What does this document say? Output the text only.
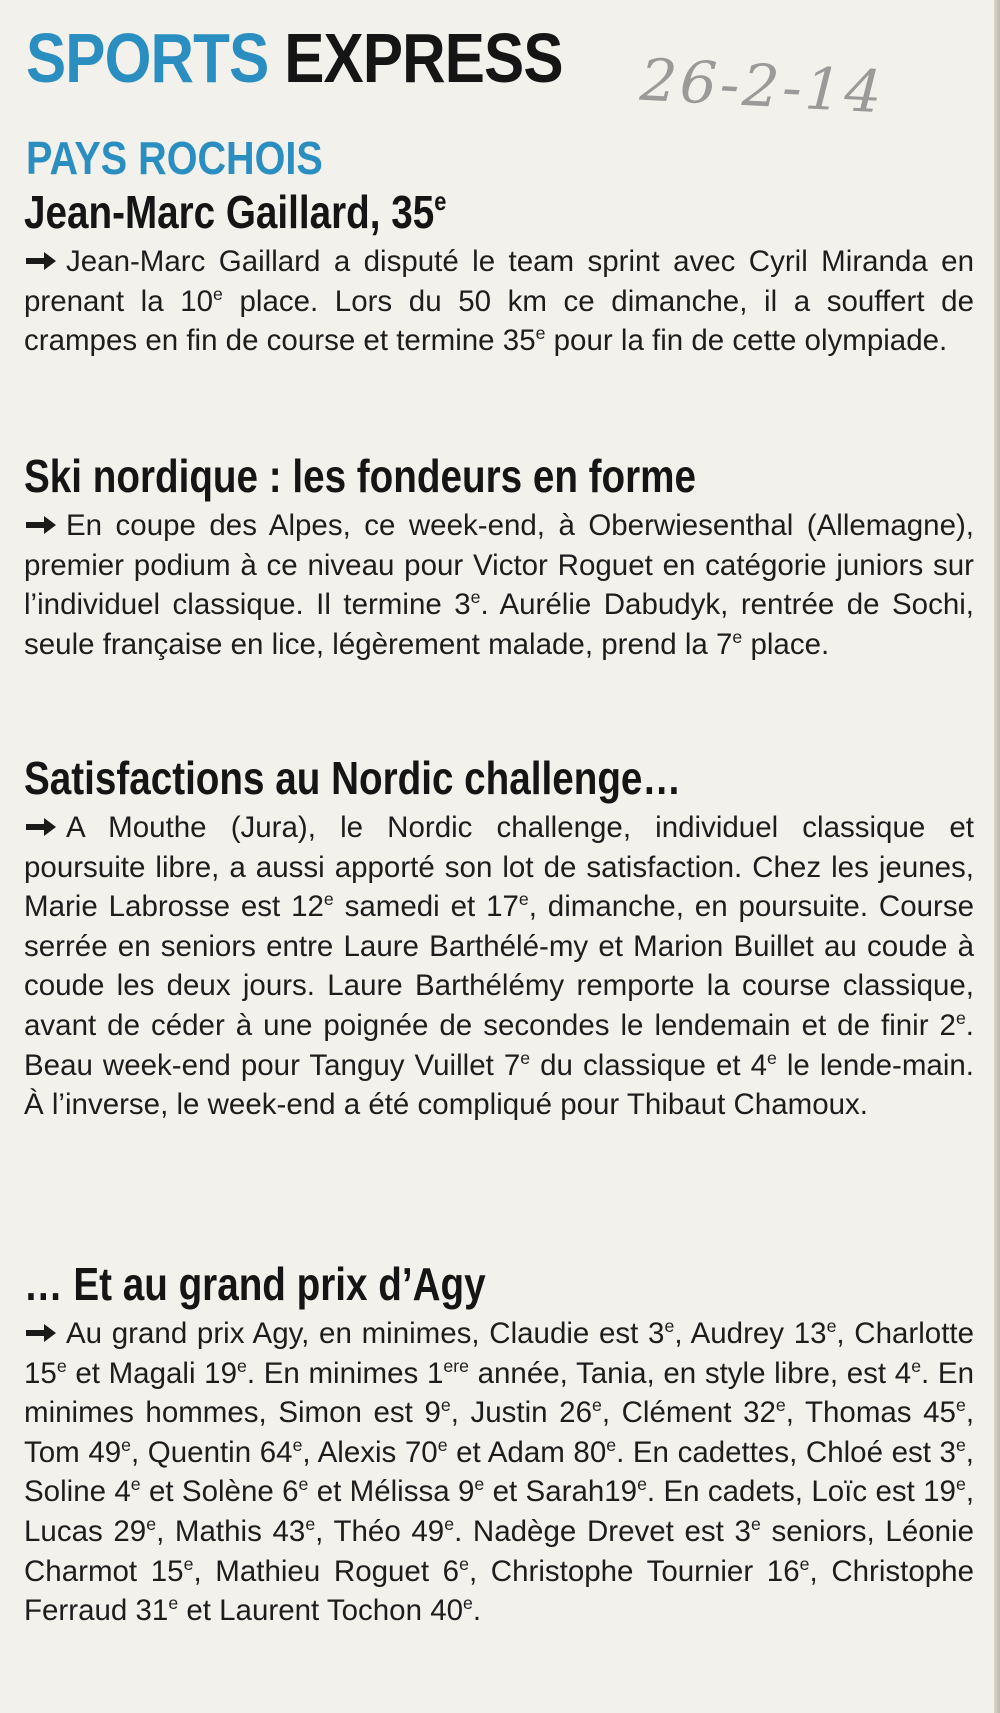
SPORTS EXPRESS 26-2-14
PAYS ROCHOIS
Jean-Marc Gaillard, 35e

Jean-Marc Gaillard a disputé le team sprint avec Cyril Miranda en prenant la 10e place. Lors du 50 km ce dimanche, il a souffert de crampes en fin de course et termine 35e pour la fin de cette olympiade.

Ski nordique : les fondeurs en forme

En coupe des Alpes, ce week-end, à Oberwiesenthal (Allemagne), premier podium à ce niveau pour Victor Roguet en catégorie juniors sur l’individuel classique. Il termine 3e. Aurélie Dabudyk, rentrée de Sochi, seule française en lice, légèrement malade, prend la 7e place.

Satisfactions au Nordic challenge…

A Mouthe (Jura), le Nordic challenge, individuel classique et poursuite libre, a aussi apporté son lot de satisfaction. Chez les jeunes, Marie Labrosse est 12e samedi et 17e, dimanche, en poursuite. Course serrée en seniors entre Laure Barthélé-my et Marion Buillet au coude à coude les deux jours. Laure Barthélémy remporte la course classique, avant de céder à une poignée de secondes le lendemain et de finir 2e. Beau week-end pour Tanguy Vuillet 7e du classique et 4e le lende-main. À l’inverse, le week-end a été compliqué pour Thibaut Chamoux.

… Et au grand prix d’Agy

Au grand prix Agy, en minimes, Claudie est 3e, Audrey 13e, Charlotte 15e et Magali 19e. En minimes 1ere année, Tania, en style libre, est 4e. En minimes hommes, Simon est 9e, Justin 26e, Clément 32e, Thomas 45e, Tom 49e, Quentin 64e, Alexis 70e et Adam 80e. En cadettes, Chloé est 3e, Soline 4e et Solène 6e et Mélissa 9e et Sarah19e. En cadets, Loïc est 19e, Lucas 29e, Mathis 43e, Théo 49e. Nadège Drevet est 3e seniors, Léonie Charmot 15e, Mathieu Roguet 6e, Christophe Tournier 16e, Christophe Ferraud 31e et Laurent Tochon 40e.
